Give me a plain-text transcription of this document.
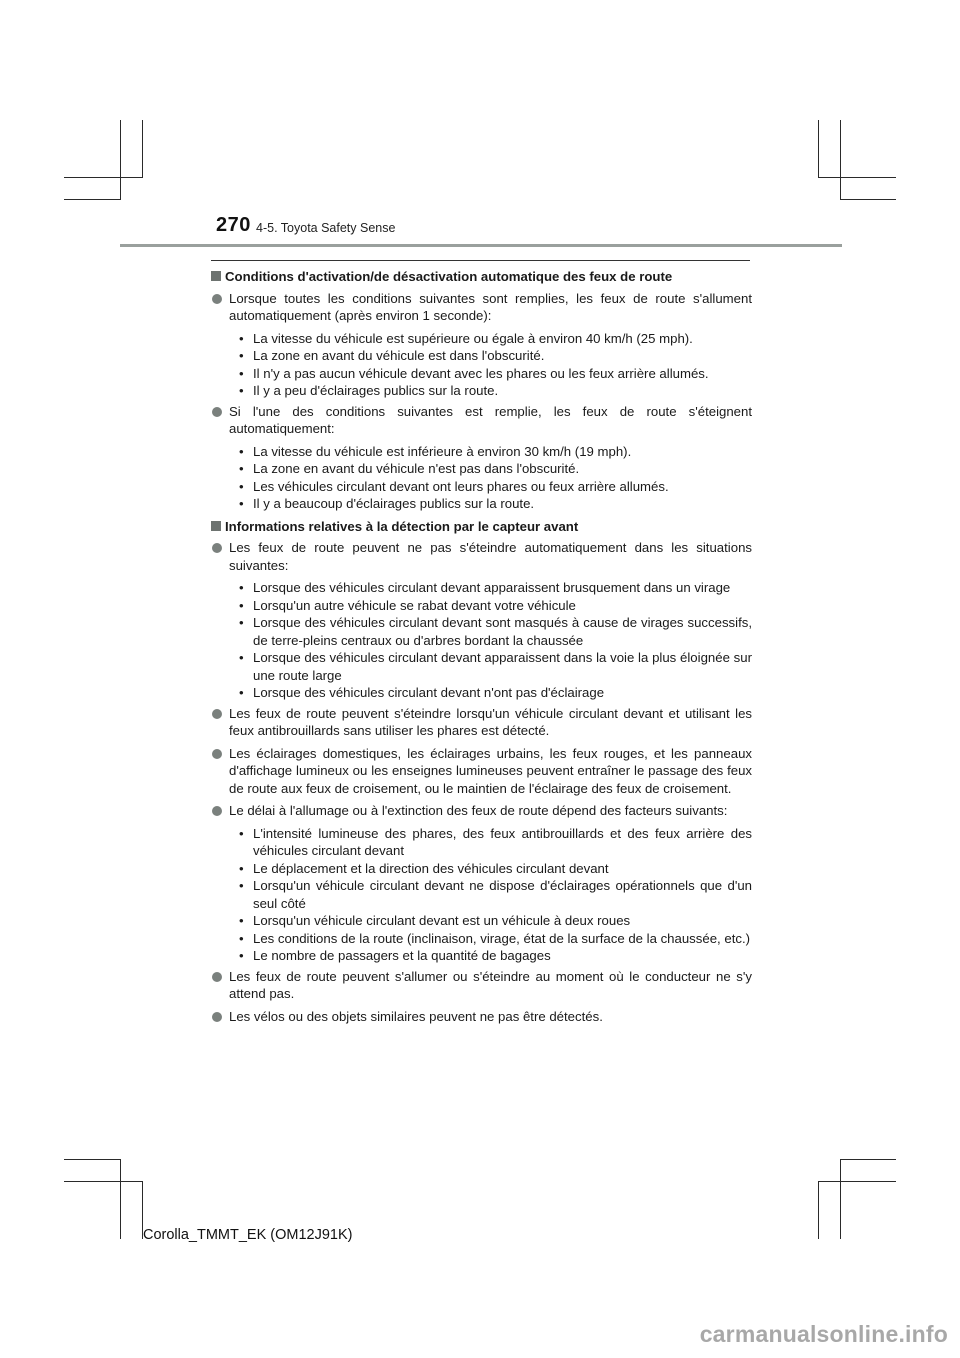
270 4-5. Toyota Safety Sense
Conditions d'activation/de désactivation automatique des feux de route
Lorsque toutes les conditions suivantes sont remplies, les feux de route s'allument automatiquement (après environ 1 seconde):
• La vitesse du véhicule est supérieure ou égale à environ 40 km/h (25 mph).
• La zone en avant du véhicule est dans l'obscurité.
• Il n'y a pas aucun véhicule devant avec les phares ou les feux arrière allumés.
• Il y a peu d'éclairages publics sur la route.
Si l'une des conditions suivantes est remplie, les feux de route s'éteignent automatiquement:
• La vitesse du véhicule est inférieure à environ 30 km/h (19 mph).
• La zone en avant du véhicule n'est pas dans l'obscurité.
• Les véhicules circulant devant ont leurs phares ou feux arrière allumés.
• Il y a beaucoup d'éclairages publics sur la route.
Informations relatives à la détection par le capteur avant
Les feux de route peuvent ne pas s'éteindre automatiquement dans les situations suivantes:
• Lorsque des véhicules circulant devant apparaissent brusquement dans un virage
• Lorsqu'un autre véhicule se rabat devant votre véhicule
• Lorsque des véhicules circulant devant sont masqués à cause de virages successifs, de terre-pleins centraux ou d'arbres bordant la chaussée
• Lorsque des véhicules circulant devant apparaissent dans la voie la plus éloignée sur une route large
• Lorsque des véhicules circulant devant n'ont pas d'éclairage
Les feux de route peuvent s'éteindre lorsqu'un véhicule circulant devant et utilisant les feux antibrouillards sans utiliser les phares est détecté.
Les éclairages domestiques, les éclairages urbains, les feux rouges, et les panneaux d'affichage lumineux ou les enseignes lumineuses peuvent entraîner le passage des feux de route aux feux de croisement, ou le maintien de l'éclairage des feux de croisement.
Le délai à l'allumage ou à l'extinction des feux de route dépend des facteurs suivants:
• L'intensité lumineuse des phares, des feux antibrouillards et des feux arrière des véhicules circulant devant
• Le déplacement et la direction des véhicules circulant devant
• Lorsqu'un véhicule circulant devant ne dispose d'éclairages opérationnels que d'un seul côté
• Lorsqu'un véhicule circulant devant est un véhicule à deux roues
• Les conditions de la route (inclinaison, virage, état de la surface de la chaussée, etc.)
• Le nombre de passagers et la quantité de bagages
Les feux de route peuvent s'allumer ou s'éteindre au moment où le conducteur ne s'y attend pas.
Les vélos ou des objets similaires peuvent ne pas être détectés.
Corolla_TMMT_EK (OM12J91K)
carmanualsonline.info
